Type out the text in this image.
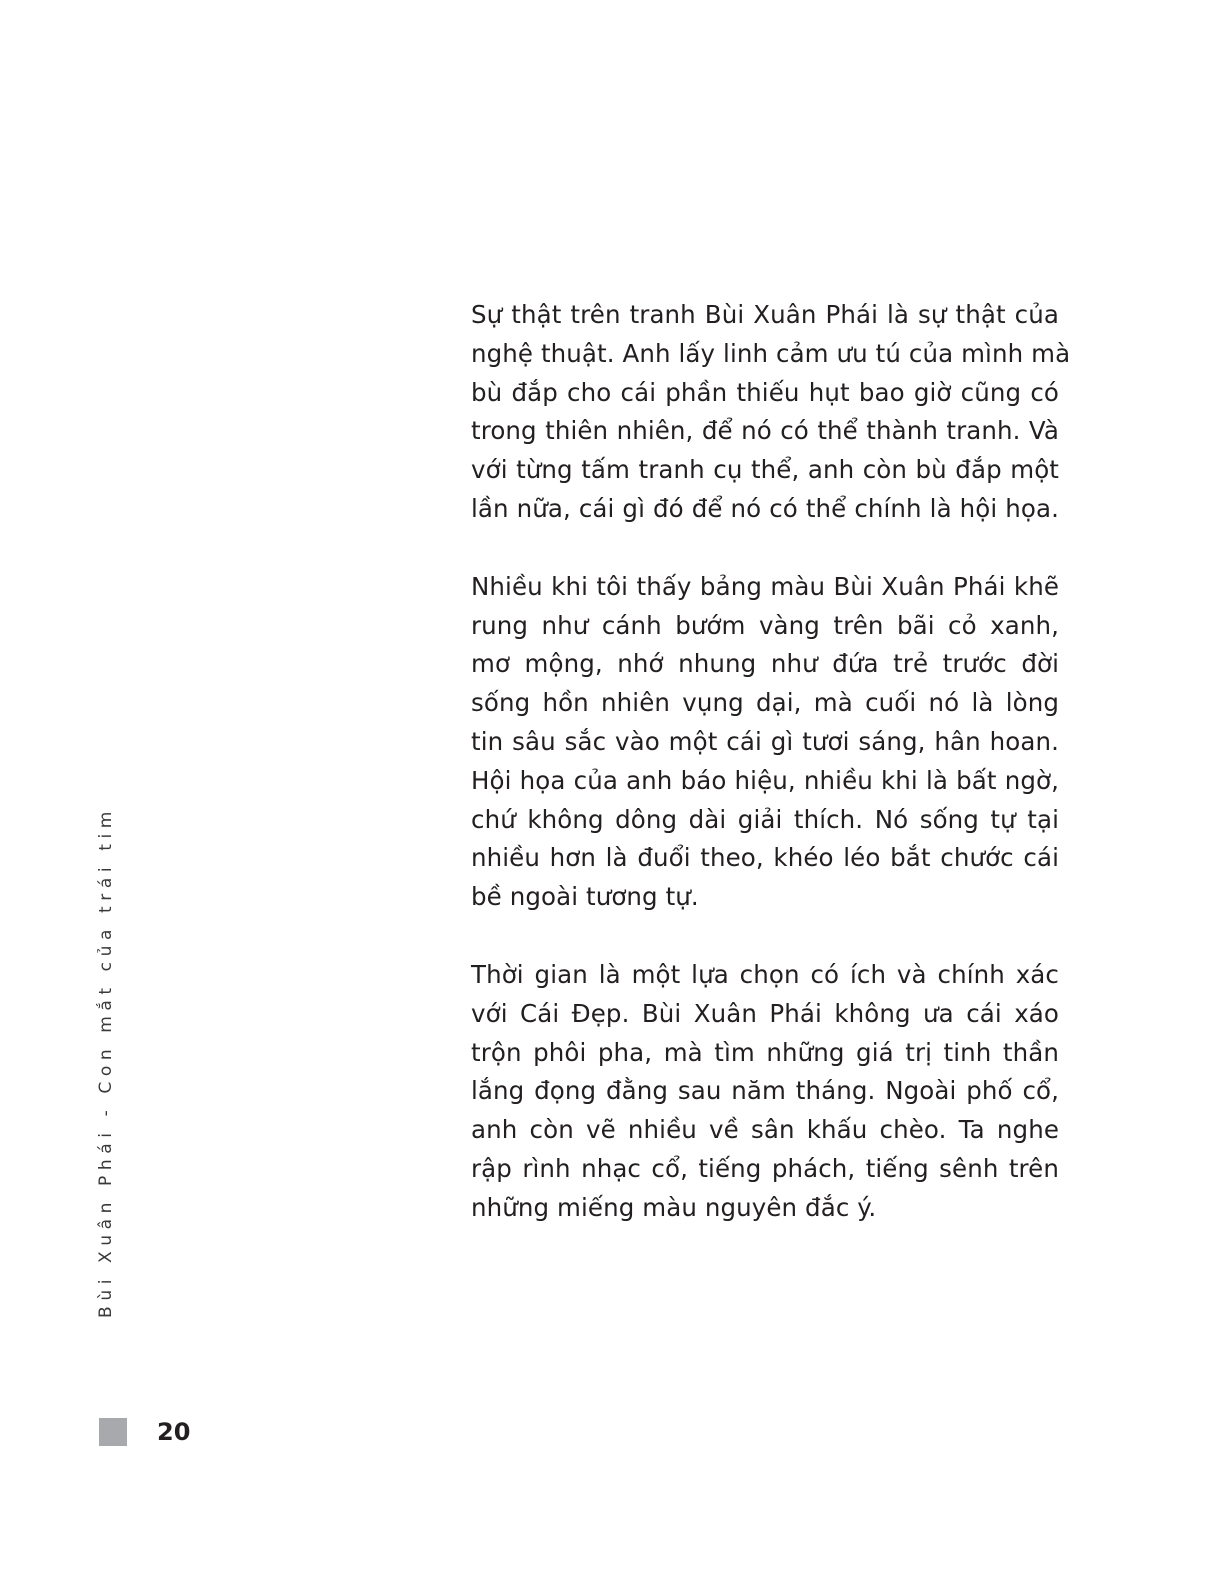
Sự thật trên tranh Bùi Xuân Phái là sự thật của
nghệ thuật. Anh lấy linh cảm ưu tú của mình mà
bù đắp cho cái phần thiếu hụt bao giờ cũng có
trong thiên nhiên, để nó có thể thành tranh. Và
với từng tấm tranh cụ thể, anh còn bù đắp một
lần nữa, cái gì đó để nó có thể chính là hội họa.

Nhiều khi tôi thấy bảng màu Bùi Xuân Phái khẽ
rung như cánh bướm vàng trên bãi cỏ xanh,
mơ mộng, nhớ nhung như đứa trẻ trước đời
sống hồn nhiên vụng dại, mà cuối nó là lòng
tin sâu sắc vào một cái gì tươi sáng, hân hoan.
Hội họa của anh báo hiệu, nhiều khi là bất ngờ,
chứ không dông dài giải thích. Nó sống tự tại
nhiều hơn là đuổi theo, khéo léo bắt chước cái
bề ngoài tương tự.

Thời gian là một lựa chọn có ích và chính xác
với Cái Đẹp. Bùi Xuân Phái không ưa cái xáo
trộn phôi pha, mà tìm những giá trị tinh thần
lắng đọng đằng sau năm tháng. Ngoài phố cổ,
anh còn vẽ nhiều về sân khấu chèo. Ta nghe
rập rình nhạc cổ, tiếng phách, tiếng sênh trên
những miếng màu nguyên đắc ý.

Bùi Xuân Phái - Con mắt của trái tim
20
